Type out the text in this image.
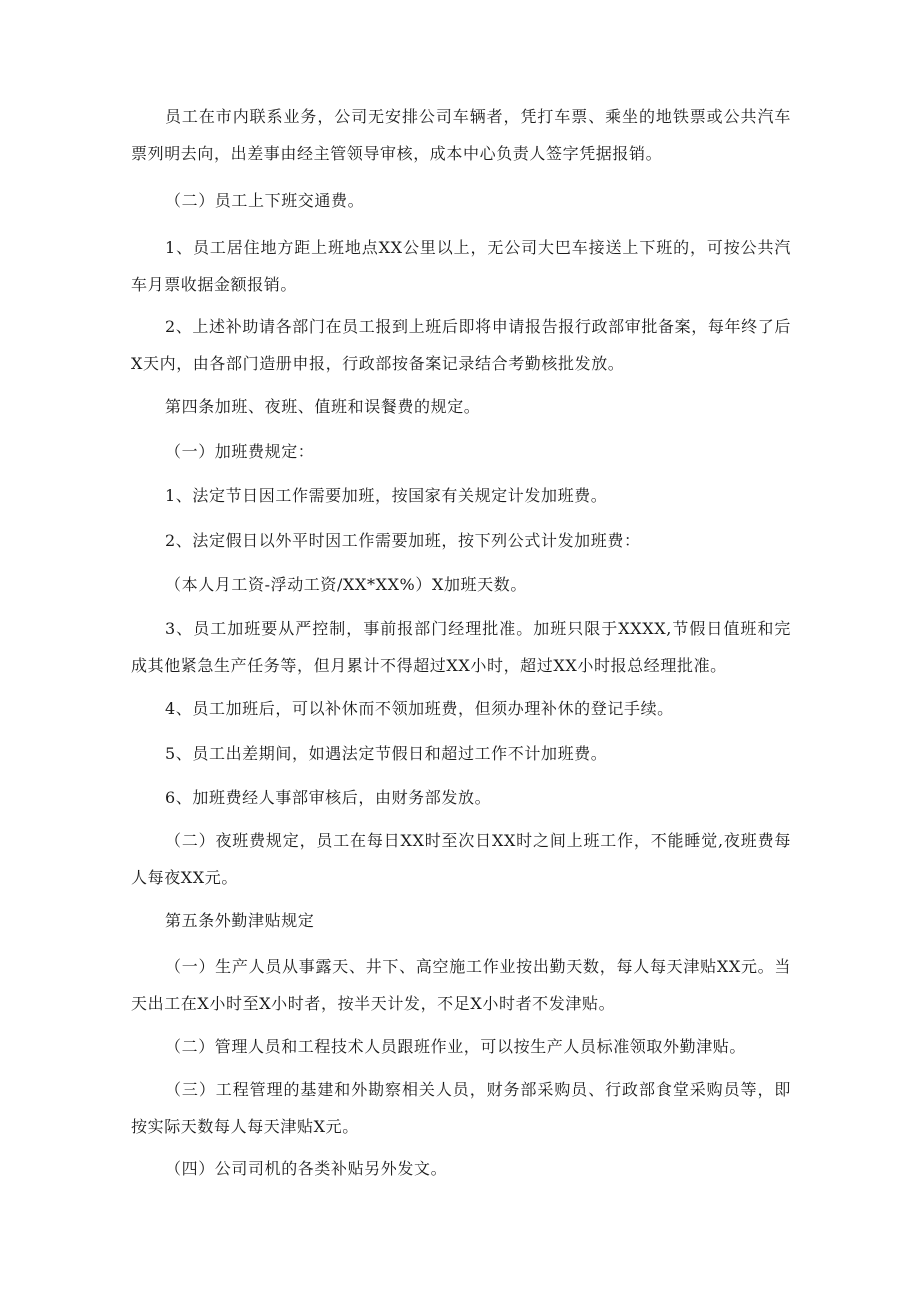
员工在市内联系业务，公司无安排公司车辆者，凭打车票、乘坐的地铁票或公共汽车票列明去向，出差事由经主管领导审核，成本中心负责人签字凭据报销。

（二）员工上下班交通费。

1、员工居住地方距上班地点XX公里以上，无公司大巴车接送上下班的，可按公共汽车月票收据金额报销。

2、上述补助请各部门在员工报到上班后即将申请报告报行政部审批备案，每年终了后X天内，由各部门造册申报，行政部按备案记录结合考勤核批发放。

第四条加班、夜班、值班和误餐费的规定。

（一）加班费规定：

1、法定节日因工作需要加班，按国家有关规定计发加班费。

2、法定假日以外平时因工作需要加班，按下列公式计发加班费：

（本人月工资-浮动工资/XX*XX%）X加班天数。

3、员工加班要从严控制，事前报部门经理批准。加班只限于XXXX,节假日值班和完成其他紧急生产任务等，但月累计不得超过XX小时，超过XX小时报总经理批准。

4、员工加班后，可以补休而不领加班费，但须办理补休的登记手续。

5、员工出差期间，如遇法定节假日和超过工作不计加班费。

6、加班费经人事部审核后，由财务部发放。

（二）夜班费规定，员工在每日XX时至次日XX时之间上班工作，不能睡觉,夜班费每人每夜XX元。

第五条外勤津贴规定

（一）生产人员从事露天、井下、高空施工作业按出勤天数，每人每天津贴XX元。当天出工在X小时至X小时者，按半天计发，不足X小时者不发津贴。

（二）管理人员和工程技术人员跟班作业，可以按生产人员标准领取外勤津贴。

（三）工程管理的基建和外勘察相关人员，财务部采购员、行政部食堂采购员等，即按实际天数每人每天津贴X元。

（四）公司司机的各类补贴另外发文。
